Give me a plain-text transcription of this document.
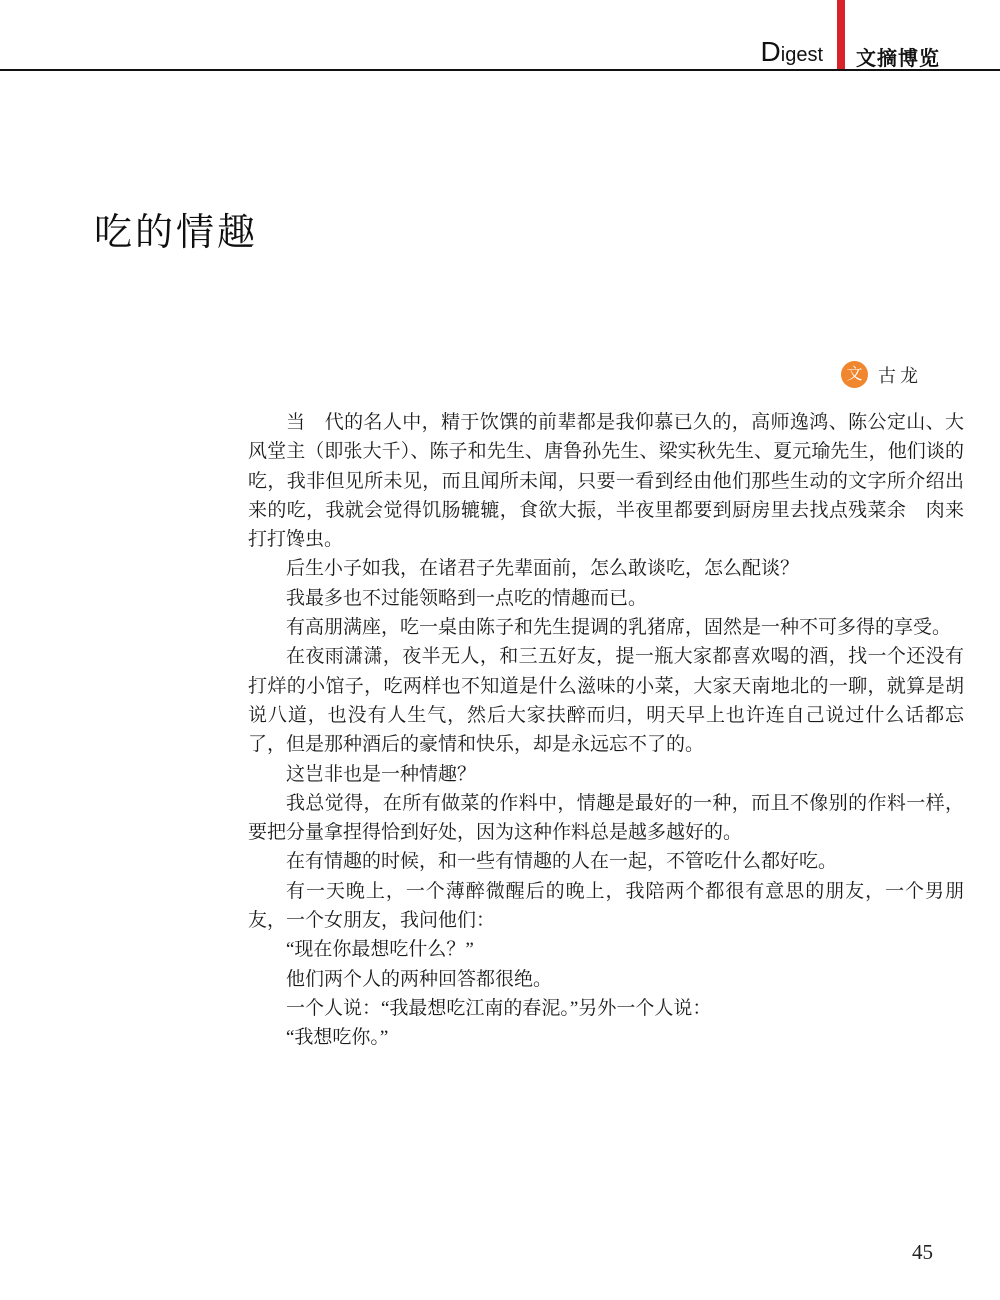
Digest 文摘博览
吃的情趣
文 古龙

当　代的名人中，精于饮馔的前辈都是我仰慕已久的，高师逸鸿、陈公定山、大风堂主（即张大千）、陈子和先生、唐鲁孙先生、梁实秋先生、夏元瑜先生，他们谈的吃，我非但见所未见，而且闻所未闻，只要一看到经由他们那些生动的文字所介绍出来的吃，我就会觉得饥肠辘辘，食欲大振，半夜里都要到厨房里去找点残菜余　肉来打打馋虫。

后生小子如我，在诸君子先辈面前，怎么敢谈吃，怎么配谈？

我最多也不过能领略到一点吃的情趣而已。

有高朋满座，吃一桌由陈子和先生提调的乳猪席，固然是一种不可多得的享受。

在夜雨潇潇，夜半无人，和三五好友，提一瓶大家都喜欢喝的酒，找一个还没有打烊的小馆子，吃两样也不知道是什么滋味的小菜，大家天南地北的一聊，就算是胡说八道，也没有人生气，然后大家扶醉而归，明天早上也许连自己说过什么话都忘了，但是那种酒后的豪情和快乐，却是永远忘不了的。

这岂非也是一种情趣？

我总觉得，在所有做菜的作料中，情趣是最好的一种，而且不像别的作料一样，要把分量拿捏得恰到好处，因为这种作料总是越多越好的。

在有情趣的时候，和一些有情趣的人在一起，不管吃什么都好吃。

有一天晚上，一个薄醉微醒后的晚上，我陪两个都很有意思的朋友，一个男朋友，一个女朋友，我问他们：

“现在你最想吃什么？”

他们两个人的两种回答都很绝。

一个人说：“我最想吃江南的春泥。”另外一个人说：

“我想吃你。”

45
